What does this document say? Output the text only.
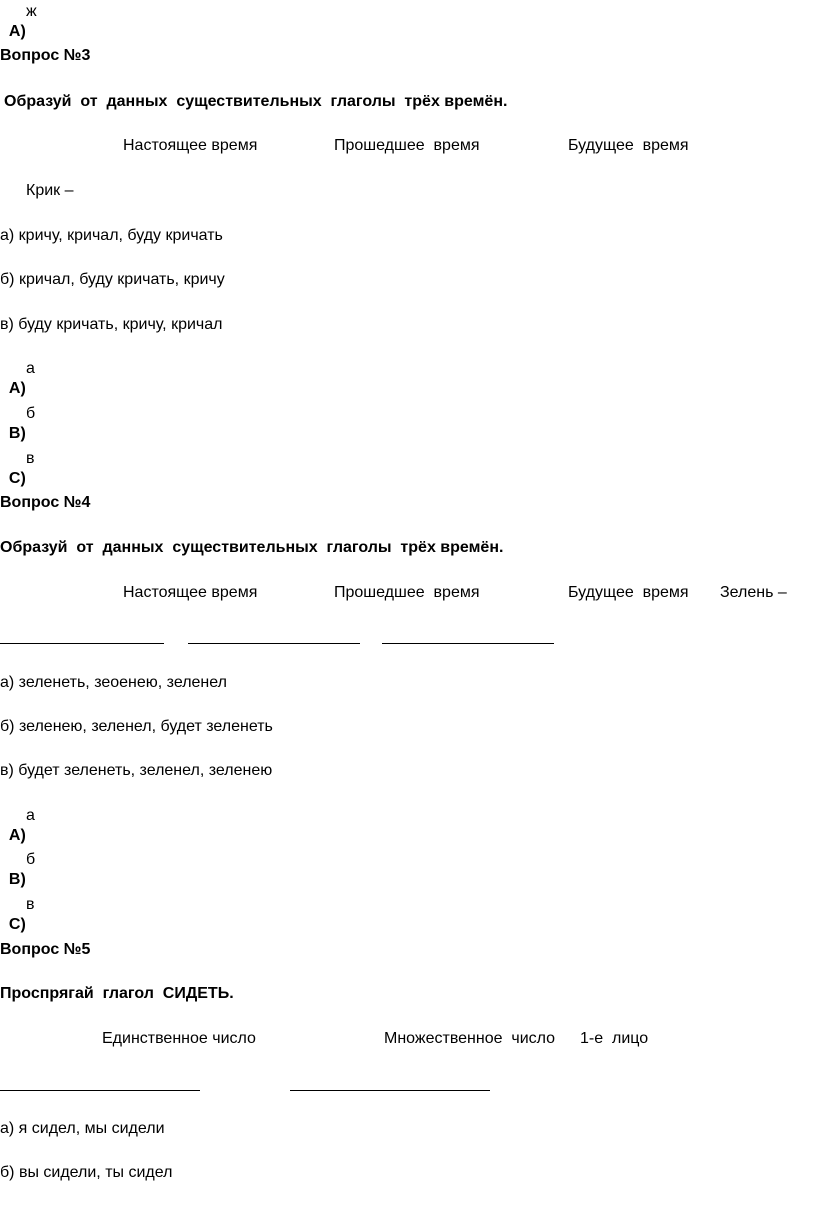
A)

ж

Вопрос №3
Образуй  от  данных  существительных  глаголы  трёх времён.
Настоящее время	Прошедшее  время	Будущее  время
Крик –
а) кричу, кричал, буду кричать
б) кричал, буду кричать, кричу
в) буду кричать, кричу, кричал

A)

а

B)

б

C)

в

Вопрос №4
Образуй  от  данных  существительных  глаголы  трёх времён.
Настоящее время	Прошедшее  время	Будущее  время Зелень –
а) зеленеть, зеоенею, зеленел
б) зеленею, зеленел, будет зеленеть
в) будет зеленеть, зеленел, зеленею

A)

а

B)

б

C)

в

Вопрос №5
Проспрягай  глагол  СИДЕТЬ.
Единственное число	Множественное  число 1-е  лицо
а) я сидел, мы сидели
б) вы сидели, ты сидел
